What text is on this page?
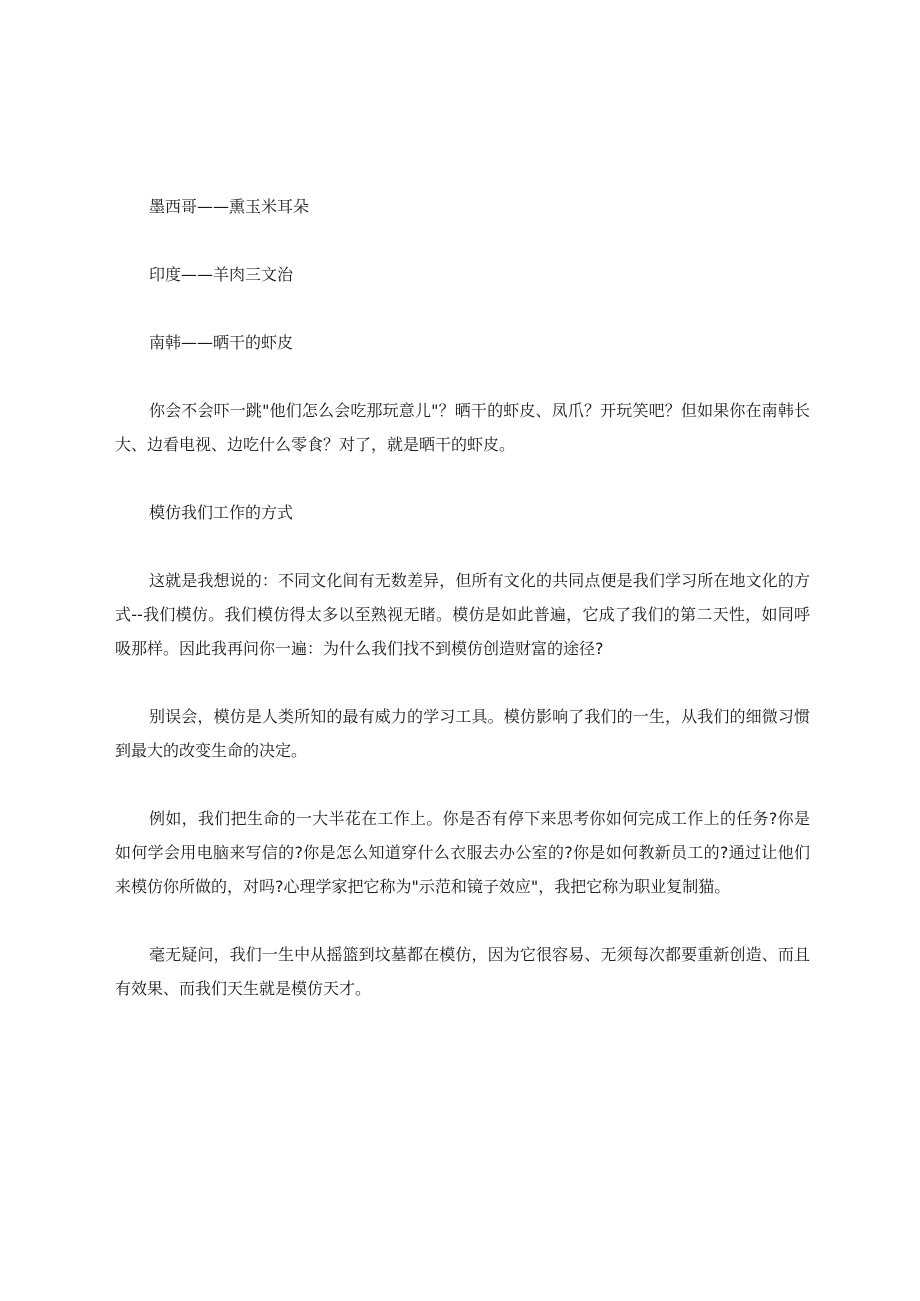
墨西哥——熏玉米耳朵

印度——羊肉三文治

南韩——晒干的虾皮

你会不会吓一跳"他们怎么会吃那玩意儿"？晒干的虾皮、凤爪？开玩笑吧？但如果你在南韩长大、边看电视、边吃什么零食？对了，就是晒干的虾皮。

模仿我们工作的方式

这就是我想说的：不同文化间有无数差异，但所有文化的共同点便是我们学习所在地文化的方式--我们模仿。我们模仿得太多以至熟视无睹。模仿是如此普遍，它成了我们的第二天性，如同呼吸那样。因此我再问你一遍：为什么我们找不到模仿创造财富的途径?

别误会，模仿是人类所知的最有威力的学习工具。模仿影响了我们的一生，从我们的细微习惯到最大的改变生命的决定。

例如，我们把生命的一大半花在工作上。你是否有停下来思考你如何完成工作上的任务?你是如何学会用电脑来写信的?你是怎么知道穿什么衣服去办公室的?你是如何教新员工的?通过让他们来模仿你所做的，对吗?心理学家把它称为"示范和镜子效应"，我把它称为职业复制猫。

毫无疑问，我们一生中从摇篮到坟墓都在模仿，因为它很容易、无须每次都要重新创造、而且有效果、而我们天生就是模仿天才。
